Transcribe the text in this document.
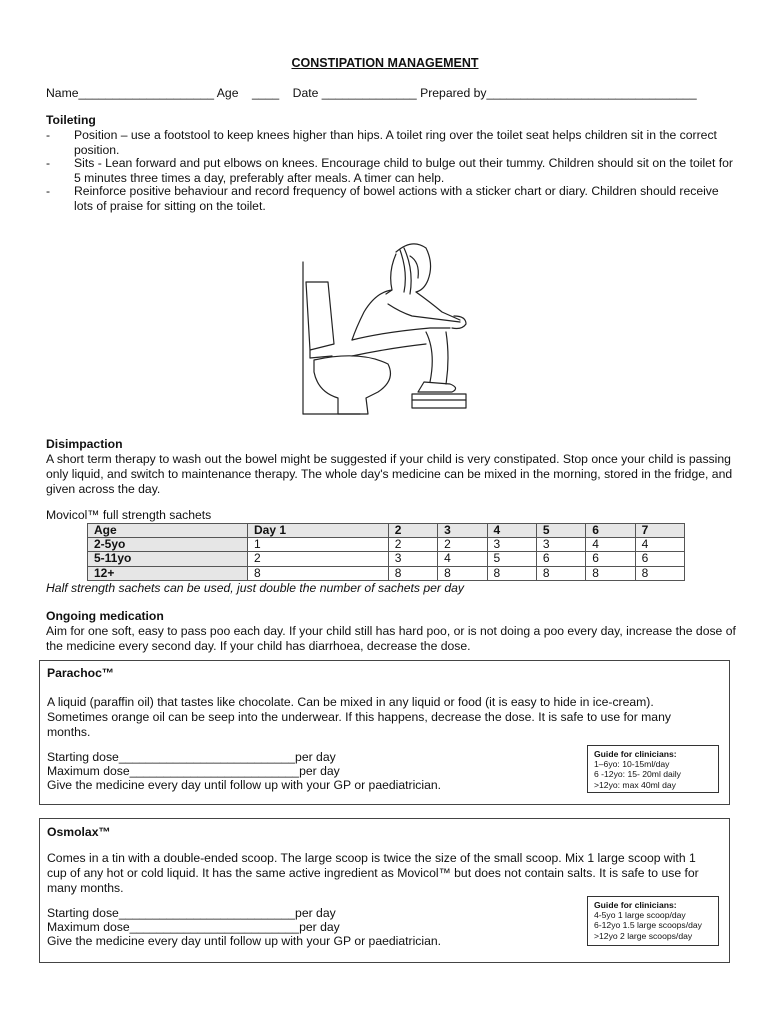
CONSTIPATION MANAGEMENT
Name____________________ Age    ____    Date ______________ Prepared by_______________________________
Toileting
- Position – use a footstool to keep knees higher than hips. A toilet ring over the toilet seat helps children sit in the correct position.
- Sits - Lean forward and put elbows on knees. Encourage child to bulge out their tummy. Children should sit on the toilet for 5 minutes three times a day, preferably after meals. A timer can help.
- Reinforce positive behaviour and record frequency of bowel actions with a sticker chart or diary. Children should receive lots of praise for sitting on the toilet.
Disimpaction

A short term therapy to wash out the bowel might be suggested if your child is very constipated. Stop once your child is passing only liquid, and switch to maintenance therapy. The whole day's medicine can be mixed in the morning, stored in the fridge, and given across the day.

Movicol™ full strength sachets
Age	Day 1	2	3	4	5	6	7
2-5yo	1	2	2	3	3	4	4
5-11yo	2	3	4	5	6	6	6
12+	8	8	8	8	8	8	8
Half strength sachets can be used, just double the number of sachets per day
Ongoing medication

Aim for one soft, easy to pass poo each day. If your child still has hard poo, or is not doing a poo every day, increase the dose of the medicine every second day. If your child has diarrhoea, decrease the dose.

Parachoc™

A liquid (paraffin oil) that tastes like chocolate. Can be mixed in any liquid or food (it is easy to hide in ice-cream). Sometimes orange oil can be seep into the underwear. If this happens, decrease the dose. It is safe to use for many months.

Starting dose__________________________per day
Maximum dose_________________________per day
Give the medicine every day until follow up with your GP or paediatrician.
Guide for clinicians:
1–6yo: 10-15ml/day
6 -12yo: 15- 20ml daily
>12yo: max 40ml day
Osmolax™

Comes in a tin with a double-ended scoop. The large scoop is twice the size of the small scoop. Mix 1 large scoop with 1 cup of any hot or cold liquid. It has the same active ingredient as Movicol™ but does not contain salts. It is safe to use for many months.

Starting dose__________________________per day
Maximum dose_________________________per day
Give the medicine every day until follow up with your GP or paediatrician.
Guide for clinicians:
4-5yo 1 large scoop/day
6-12yo 1.5 large scoops/day
>12yo 2 large scoops/day
